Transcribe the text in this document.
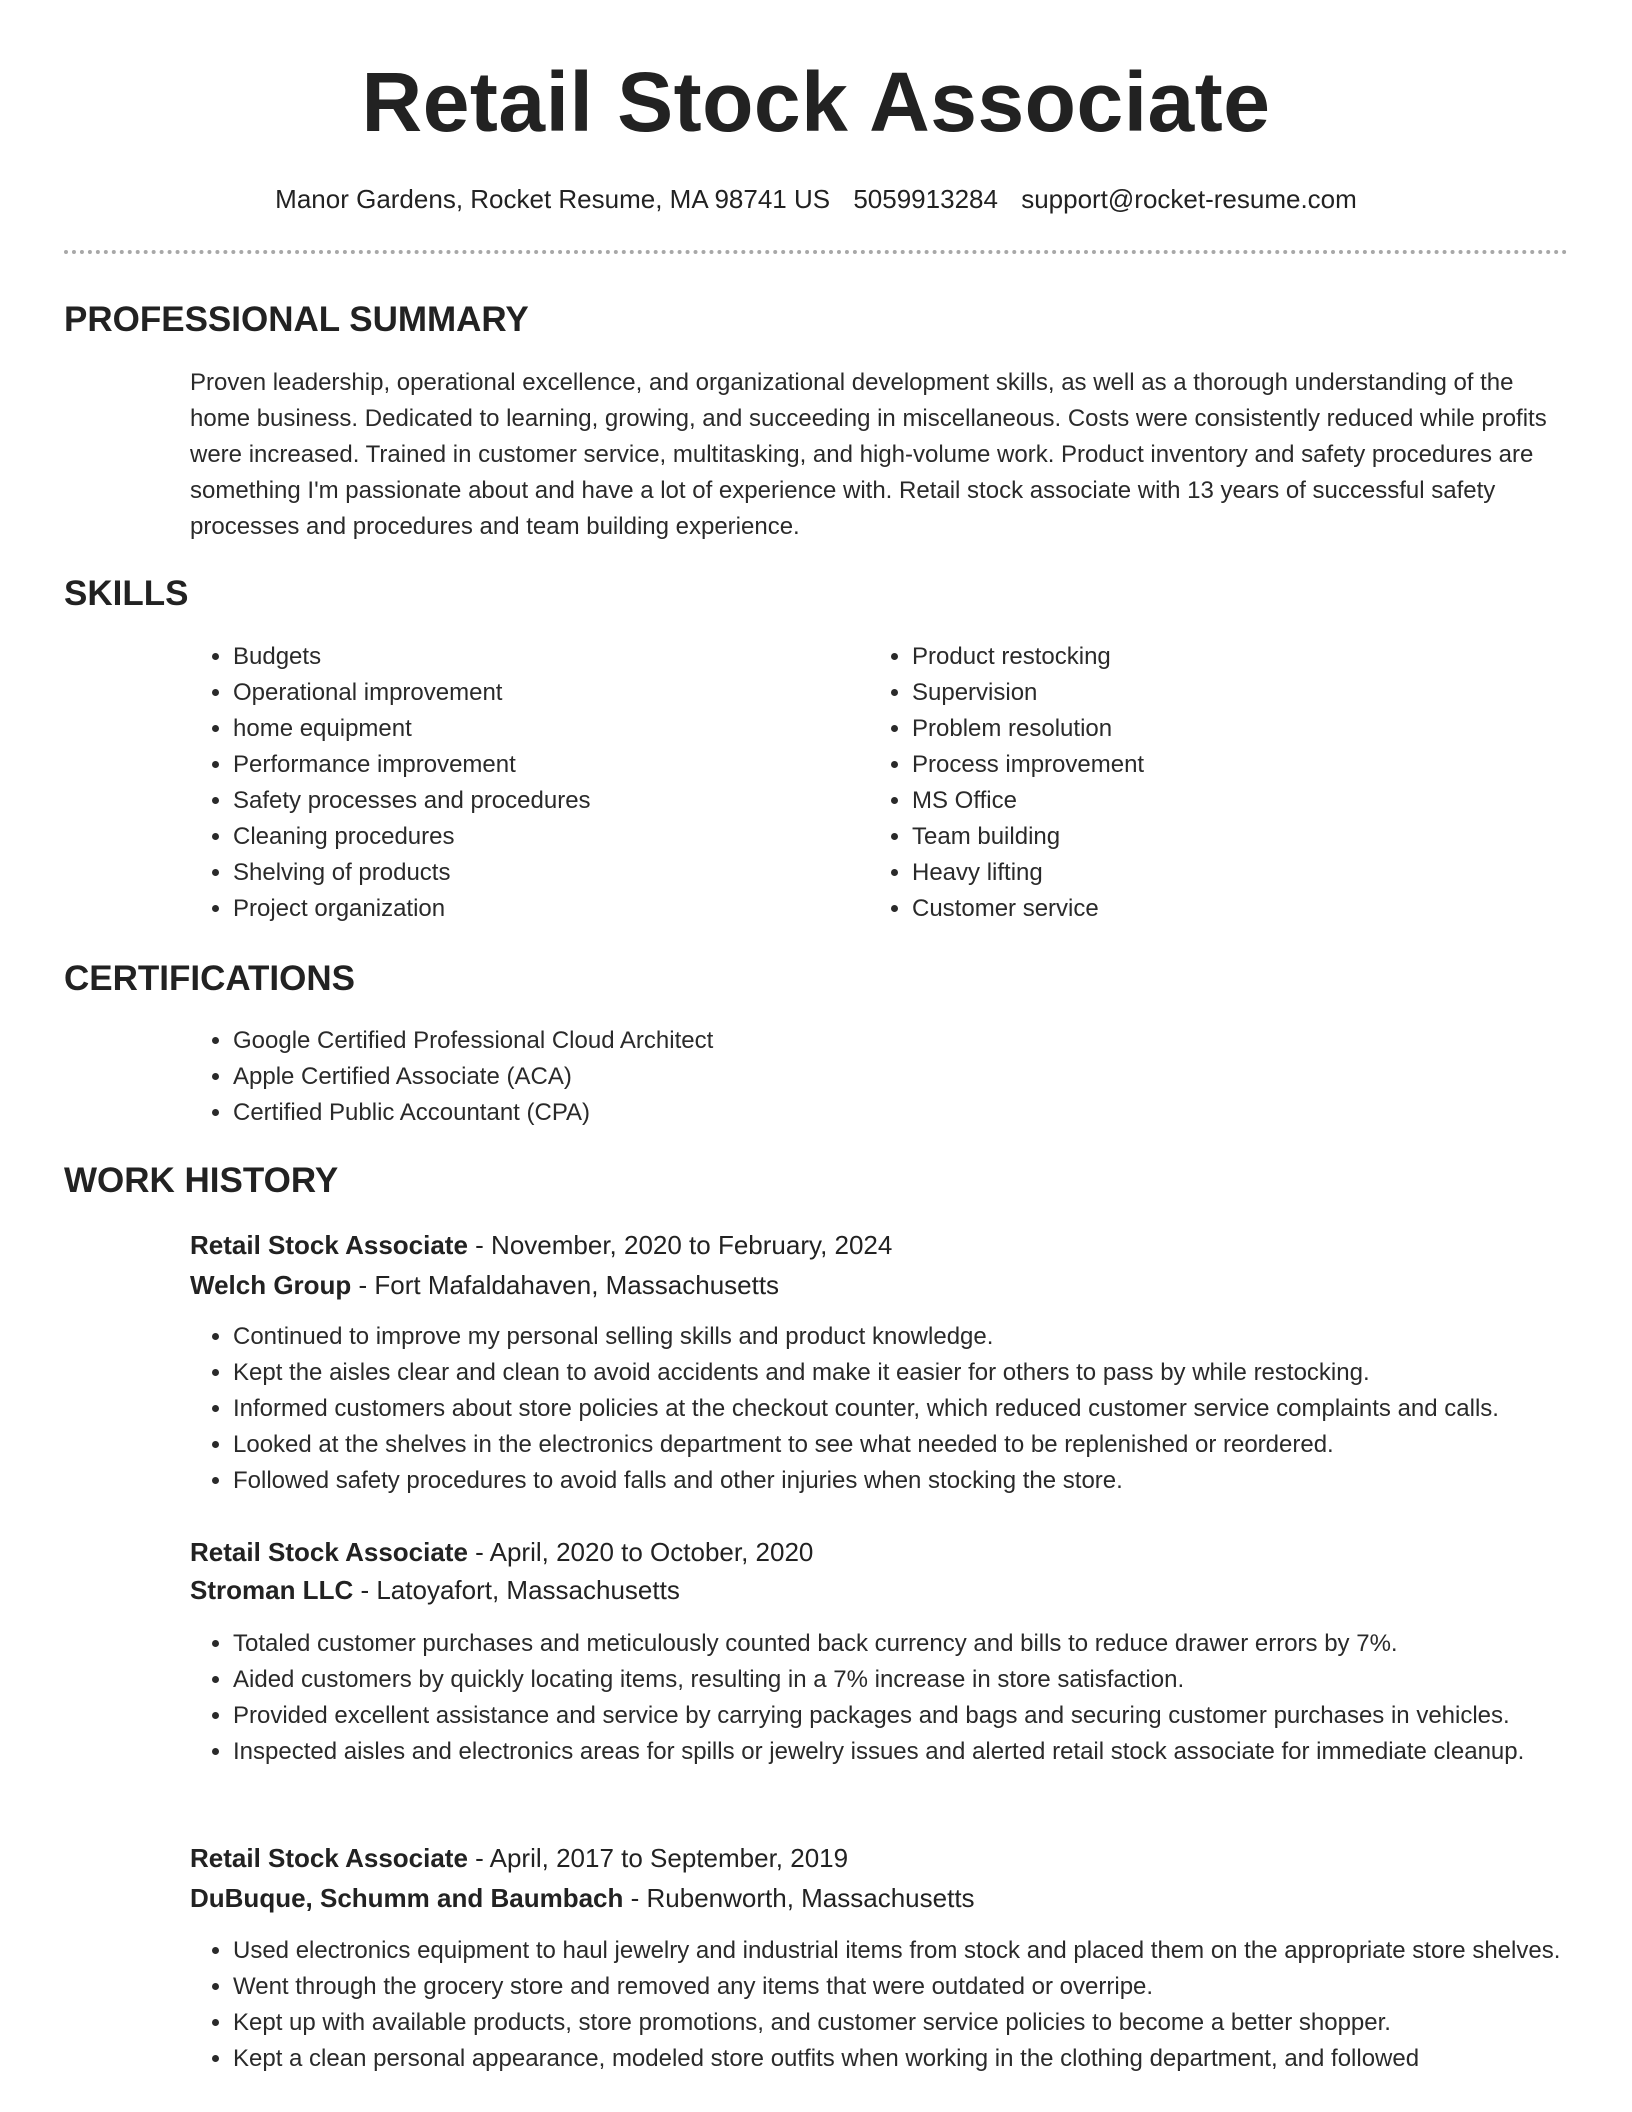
Retail Stock Associate
Manor Gardens, Rocket Resume, MA 98741 US 5059913284 support@rocket-resume.com
PROFESSIONAL SUMMARY

Proven leadership, operational excellence, and organizational development skills, as well as a thorough understanding of the home business. Dedicated to learning, growing, and succeeding in miscellaneous. Costs were consistently reduced while profits were increased. Trained in customer service, multitasking, and high-volume work. Product inventory and safety procedures are something I'm passionate about and have a lot of experience with. Retail stock associate with 13 years of successful safety processes and procedures and team building experience.

SKILLS
• Budgets
• Operational improvement
• home equipment
• Performance improvement
• Safety processes and procedures
• Cleaning procedures
• Shelving of products
• Project organization
• Product restocking
• Supervision
• Problem resolution
• Process improvement
• MS Office
• Team building
• Heavy lifting
• Customer service
CERTIFICATIONS
• Google Certified Professional Cloud Architect
• Apple Certified Associate (ACA)
• Certified Public Accountant (CPA)
WORK HISTORY
Retail Stock Associate - November, 2020 to February, 2024
Welch Group - Fort Mafaldahaven, Massachusetts
• Continued to improve my personal selling skills and product knowledge.
• Kept the aisles clear and clean to avoid accidents and make it easier for others to pass by while restocking.
• Informed customers about store policies at the checkout counter, which reduced customer service complaints and calls.
• Looked at the shelves in the electronics department to see what needed to be replenished or reordered.
• Followed safety procedures to avoid falls and other injuries when stocking the store.
Retail Stock Associate - April, 2020 to October, 2020
Stroman LLC - Latoyafort, Massachusetts
• Totaled customer purchases and meticulously counted back currency and bills to reduce drawer errors by 7%.
• Aided customers by quickly locating items, resulting in a 7% increase in store satisfaction.
• Provided excellent assistance and service by carrying packages and bags and securing customer purchases in vehicles.
• Inspected aisles and electronics areas for spills or jewelry issues and alerted retail stock associate for immediate cleanup.
Retail Stock Associate - April, 2017 to September, 2019
DuBuque, Schumm and Baumbach - Rubenworth, Massachusetts
• Used electronics equipment to haul jewelry and industrial items from stock and placed them on the appropriate store shelves.
• Went through the grocery store and removed any items that were outdated or overripe.
• Kept up with available products, store promotions, and customer service policies to become a better shopper.
• Kept a clean personal appearance, modeled store outfits when working in the clothing department, and followed
